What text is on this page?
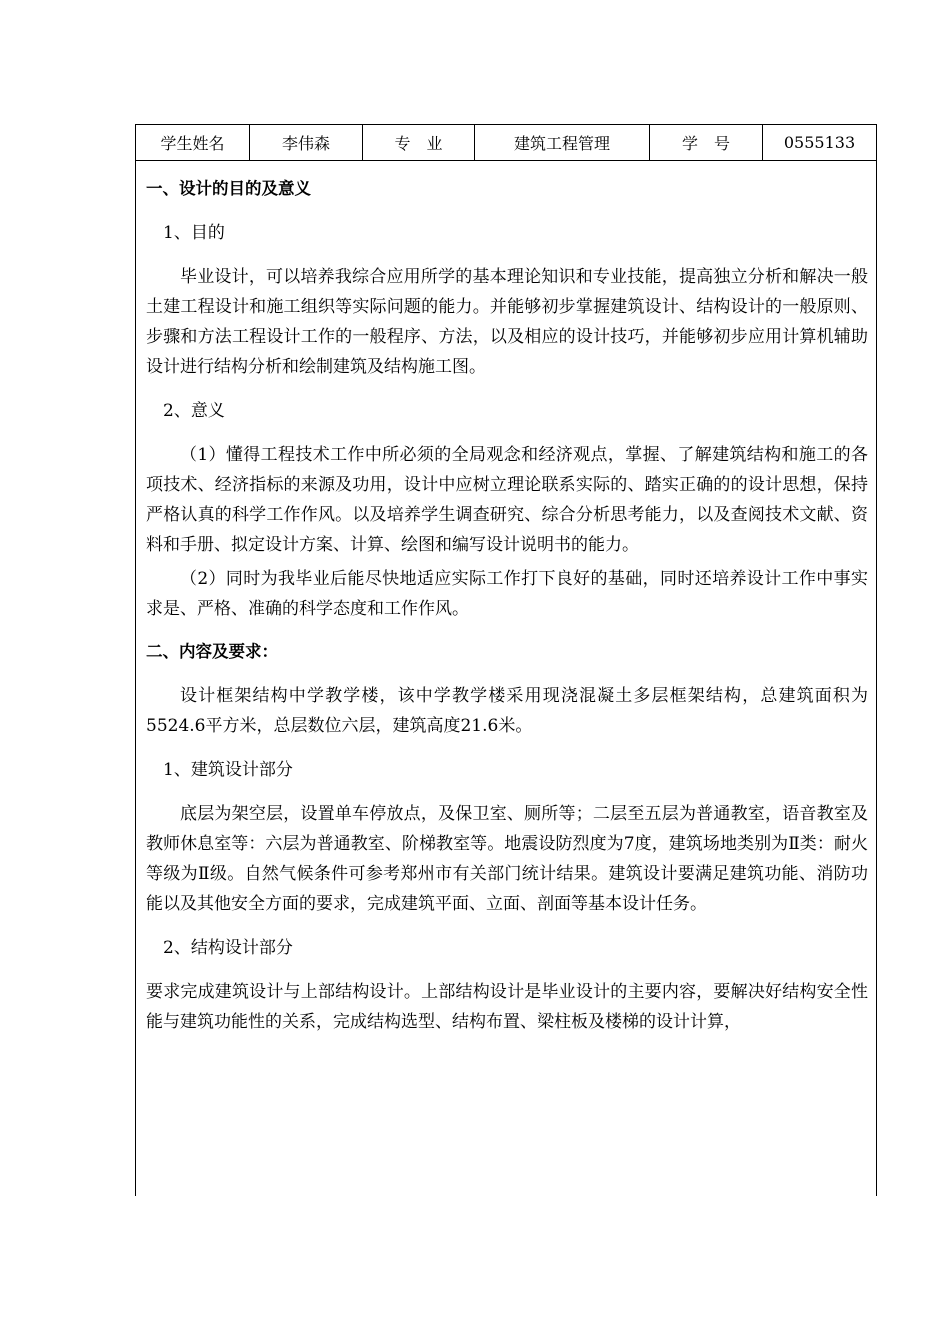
学生姓名	李伟森	专　业	建筑工程管理	学　号	0555133
一、设计的目的及意义
1、目的
毕业设计，可以培养我综合应用所学的基本理论知识和专业技能，提高独立分析和解决一般土建工程设计和施工组织等实际问题的能力。并能够初步掌握建筑设计、结构设计的一般原则、步骤和方法工程设计工作的一般程序、方法，以及相应的设计技巧，并能够初步应用计算机辅助设计进行结构分析和绘制建筑及结构施工图。
2、意义
（1）懂得工程技术工作中所必须的全局观念和经济观点，掌握、了解建筑结构和施工的各项技术、经济指标的来源及功用，设计中应树立理论联系实际的、踏实正确的的设计思想，保持严格认真的科学工作作风。以及培养学生调查研究、综合分析思考能力，以及查阅技术文献、资料和手册、拟定设计方案、计算、绘图和编写设计说明书的能力。
（2）同时为我毕业后能尽快地适应实际工作打下良好的基础，同时还培养设计工作中事实求是、严格、准确的科学态度和工作作风。
二、内容及要求：
设计框架结构中学教学楼，该中学教学楼采用现浇混凝土多层框架结构，总建筑面积为5524.6平方米，总层数位六层，建筑高度21.6米。
1、建筑设计部分
底层为架空层，设置单车停放点，及保卫室、厕所等；二层至五层为普通教室，语音教室及教师休息室等：六层为普通教室、阶梯教室等。地震设防烈度为7度，建筑场地类别为Ⅱ类：耐火等级为Ⅱ级。自然气候条件可参考郑州市有关部门统计结果。建筑设计要满足建筑功能、消防功能以及其他安全方面的要求，完成建筑平面、立面、剖面等基本设计任务。
2、结构设计部分
要求完成建筑设计与上部结构设计。上部结构设计是毕业设计的主要内容，要解决好结构安全性能与建筑功能性的关系，完成结构选型、结构布置、梁柱板及楼梯的设计计算，
